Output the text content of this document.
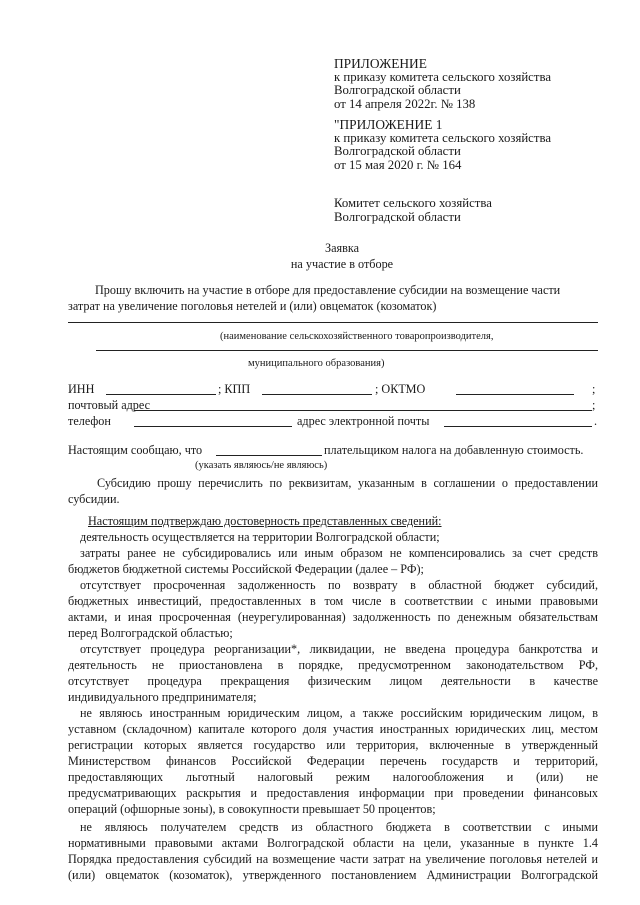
ПРИЛОЖЕНИЕ
к приказу комитета сельского хозяйства
Волгоградской области
от 14 апреля 2022г. № 138
"ПРИЛОЖЕНИЕ 1
к приказу комитета сельского хозяйства
Волгоградской области
от 15 мая 2020 г. № 164
Комитет сельского хозяйства
Волгоградской области
Заявка
на участие в отборе
Прошу включить на участие в отборе для предоставление субсидии на возмещение части
затрат на увеличение поголовья нетелей и (или) овцематок (козоматок)
(наименование сельскохозяйственного товаропроизводителя,
муниципального образования)
ИНН	; КПП	; ОКТМО	;
почтовый адрес	;
телефон	адрес электронной почты	.
Настоящим сообщаю, что	плательщиком налога на добавленную стоимость.
(указать являюсь/не являюсь)
Субсидию прошу перечислить по реквизитам, указанным в соглашении о предоставлении
субсидии.
Настоящим подтверждаю достоверность представленных сведений:
деятельность осуществляется на территории Волгоградской области;
затраты ранее не субсидировались или иным образом не компенсировались за счет средств
бюджетов бюджетной системы Российской Федерации (далее – РФ);
отсутствует просроченная задолженность по возврату в областной бюджет субсидий,
бюджетных инвестиций, предоставленных в том числе в соответствии с иными правовыми
актами, и иная просроченная (неурегулированная) задолженность по денежным обязательствам
перед Волгоградской областью;
отсутствует процедура реорганизации*, ликвидации, не введена процедура банкротства и
деятельность не приостановлена в порядке, предусмотренном законодательством РФ,
отсутствует процедура прекращения физическим лицом деятельности в качестве
индивидуального предпринимателя;
не являюсь иностранным юридическим лицом, а также российским юридическим лицом, в
уставном (складочном) капитале которого доля участия иностранных юридических лиц, местом
регистрации которых является государство или территория, включенные в утвержденный
Министерством финансов Российской Федерации перечень государств и территорий,
предоставляющих льготный налоговый режим налогообложения и (или) не
предусматривающих раскрытия и предоставления информации при проведении финансовых
операций (офшорные зоны), в совокупности превышает 50 процентов;
не являюсь получателем средств из областного бюджета в соответствии с иными
нормативными правовыми актами Волгоградской области на цели, указанные в пункте 1.4
Порядка предоставления субсидий на возмещение части затрат на увеличение поголовья нетелей и
(или) овцематок (козоматок), утвержденного постановлением Администрации Волгоградской
